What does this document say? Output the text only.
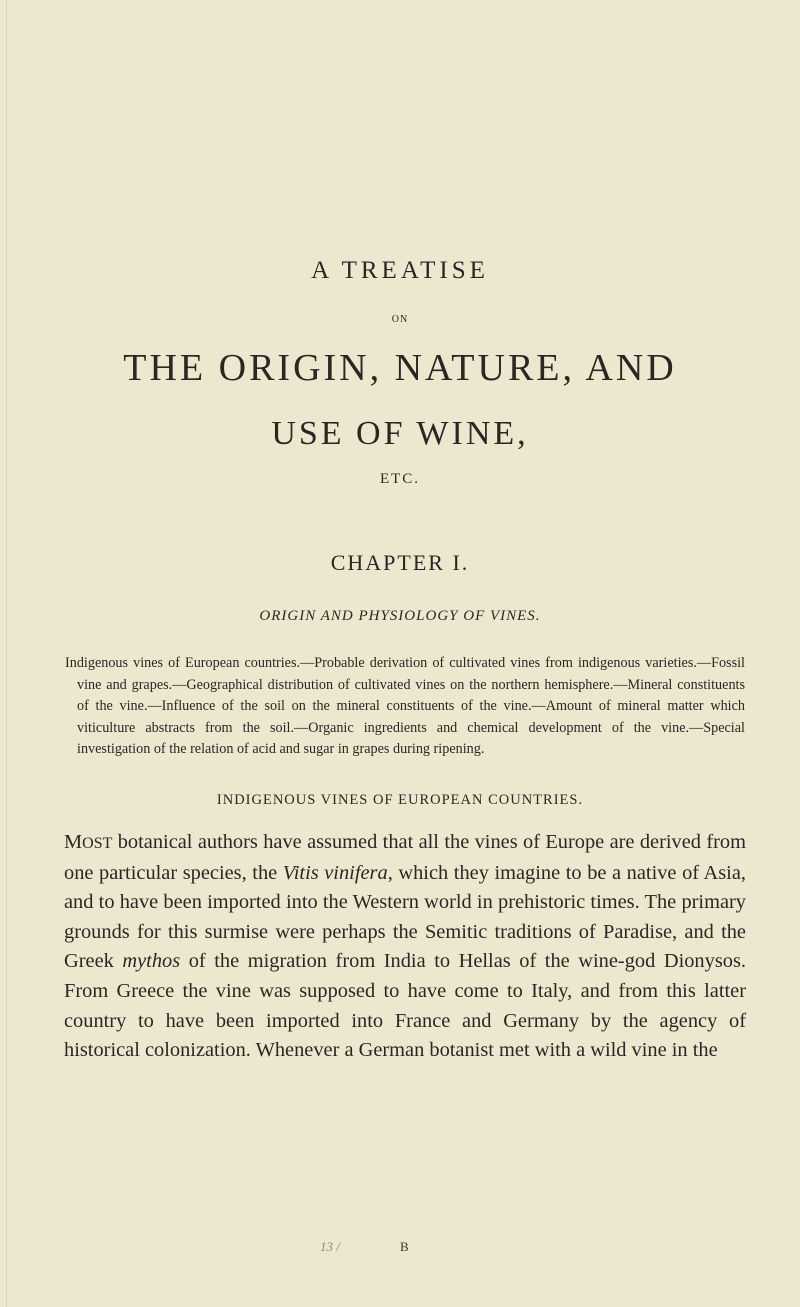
A TREATISE
ON
THE ORIGIN, NATURE, AND
USE OF WINE,
ETC.
CHAPTER I.
ORIGIN AND PHYSIOLOGY OF VINES.
Indigenous vines of European countries.—Probable derivation of cultivated vines from indigenous varieties.—Fossil vine and grapes.—Geographical distribution of cultivated vines on the northern hemisphere.—Mineral constituents of the vine.—Influence of the soil on the mineral constituents of the vine.—Amount of mineral matter which viticulture abstracts from the soil.—Organic ingredients and chemical development of the vine.—Special investigation of the relation of acid and sugar in grapes during ripening.
INDIGENOUS VINES OF EUROPEAN COUNTRIES.
MOST botanical authors have assumed that all the vines of Europe are derived from one particular species, the Vitis vinifera, which they imagine to be a native of Asia, and to have been imported into the Western world in prehistoric times. The primary grounds for this surmise were perhaps the Semitic traditions of Paradise, and the Greek mythos of the migration from India to Hellas of the wine-god Dionysos. From Greece the vine was supposed to have come to Italy, and from this latter country to have been imported into France and Germany by the agency of historical colonization. Whenever a German botanist met with a wild vine in the
13 /	B
